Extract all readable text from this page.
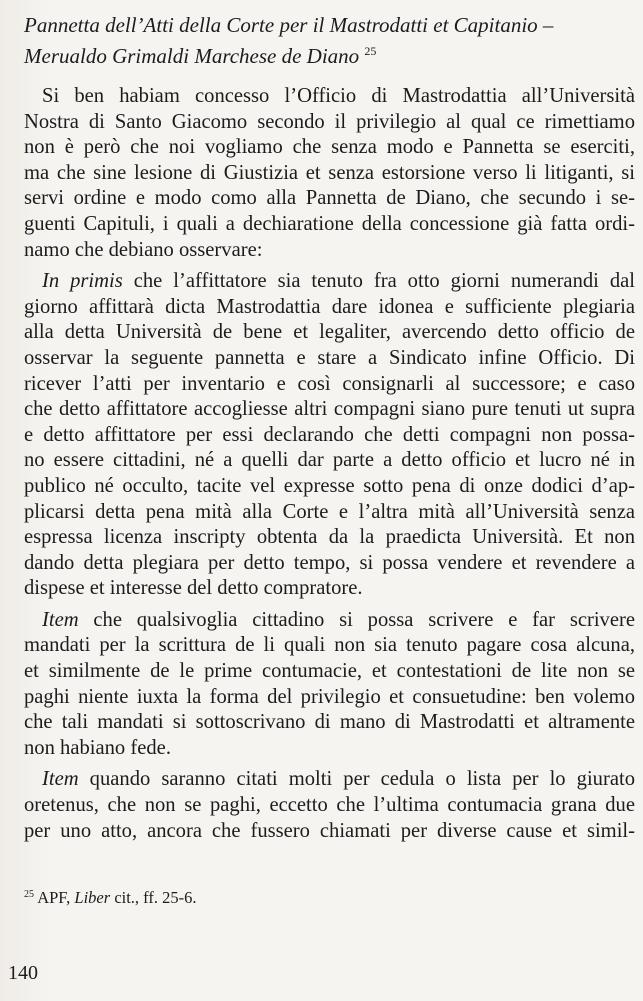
Pannetta dell’Atti della Corte per il Mastrodatti et Capitanio –

Merualdo Grimaldi Marchese de Diano $^{25}$

Si ben habiam concesso l’Officio di Mastrodattia all’Università
Nostra di Santo Giacomo secondo il privilegio al qual ce rimettiamo
non è però che noi vogliamo che senza modo e Pannetta se eserciti,
ma che sine lesione di Giustizia et senza estorsione verso li litiganti, si
servi ordine e modo como alla Pannetta de Diano, che secundo i se-
guenti Capituli, i quali a dechiaratione della concessione già fatta ordi-
namo che debiano osservare:
In primis che l’affittatore sia tenuto fra otto giorni numerandi dal
giorno affittarà dicta Mastrodattia dare idonea e sufficiente plegiaria
alla detta Università de bene et legaliter, avercendo detto officio de
osservar la seguente pannetta e stare a Sindicato infine Officio. Di
ricever l’atti per inventario e così consignarli al successore; e caso
che detto affittatore accogliesse altri compagni siano pure tenuti ut supra
e detto affittatore per essi declarando che detti compagni non possa-
no essere cittadini, né a quelli dar parte a detto officio et lucro né in
publico né occulto, tacite vel expresse sotto pena di onze dodici d’ap-
plicarsi detta pena mità alla Corte e l’altra mità all’Università senza
espressa licenza inscripty obtenta da la praedicta Università. Et non
dando detta plegiara per detto tempo, si possa vendere et revendere a
dispese et interesse del detto compratore.
Item che qualsivoglia cittadino si possa scrivere e far scrivere
mandati per la scrittura de li quali non sia tenuto pagare cosa alcuna,
et similmente de le prime contumacie, et contestationi de lite non se
paghi niente iuxta la forma del privilegio et consuetudine: ben volemo
che tali mandati si sottoscrivano di mano di Mastrodatti et altramente
non habiano fede.
Item quando saranno citati molti per cedula o lista per lo giurato
oretenus, che non se paghi, eccetto che l’ultima contumacia grana due
per uno atto, ancora che fussero chiamati per diverse cause et simil-
$^{25}$ APF, Liber cit., ff. 25-6.
140
